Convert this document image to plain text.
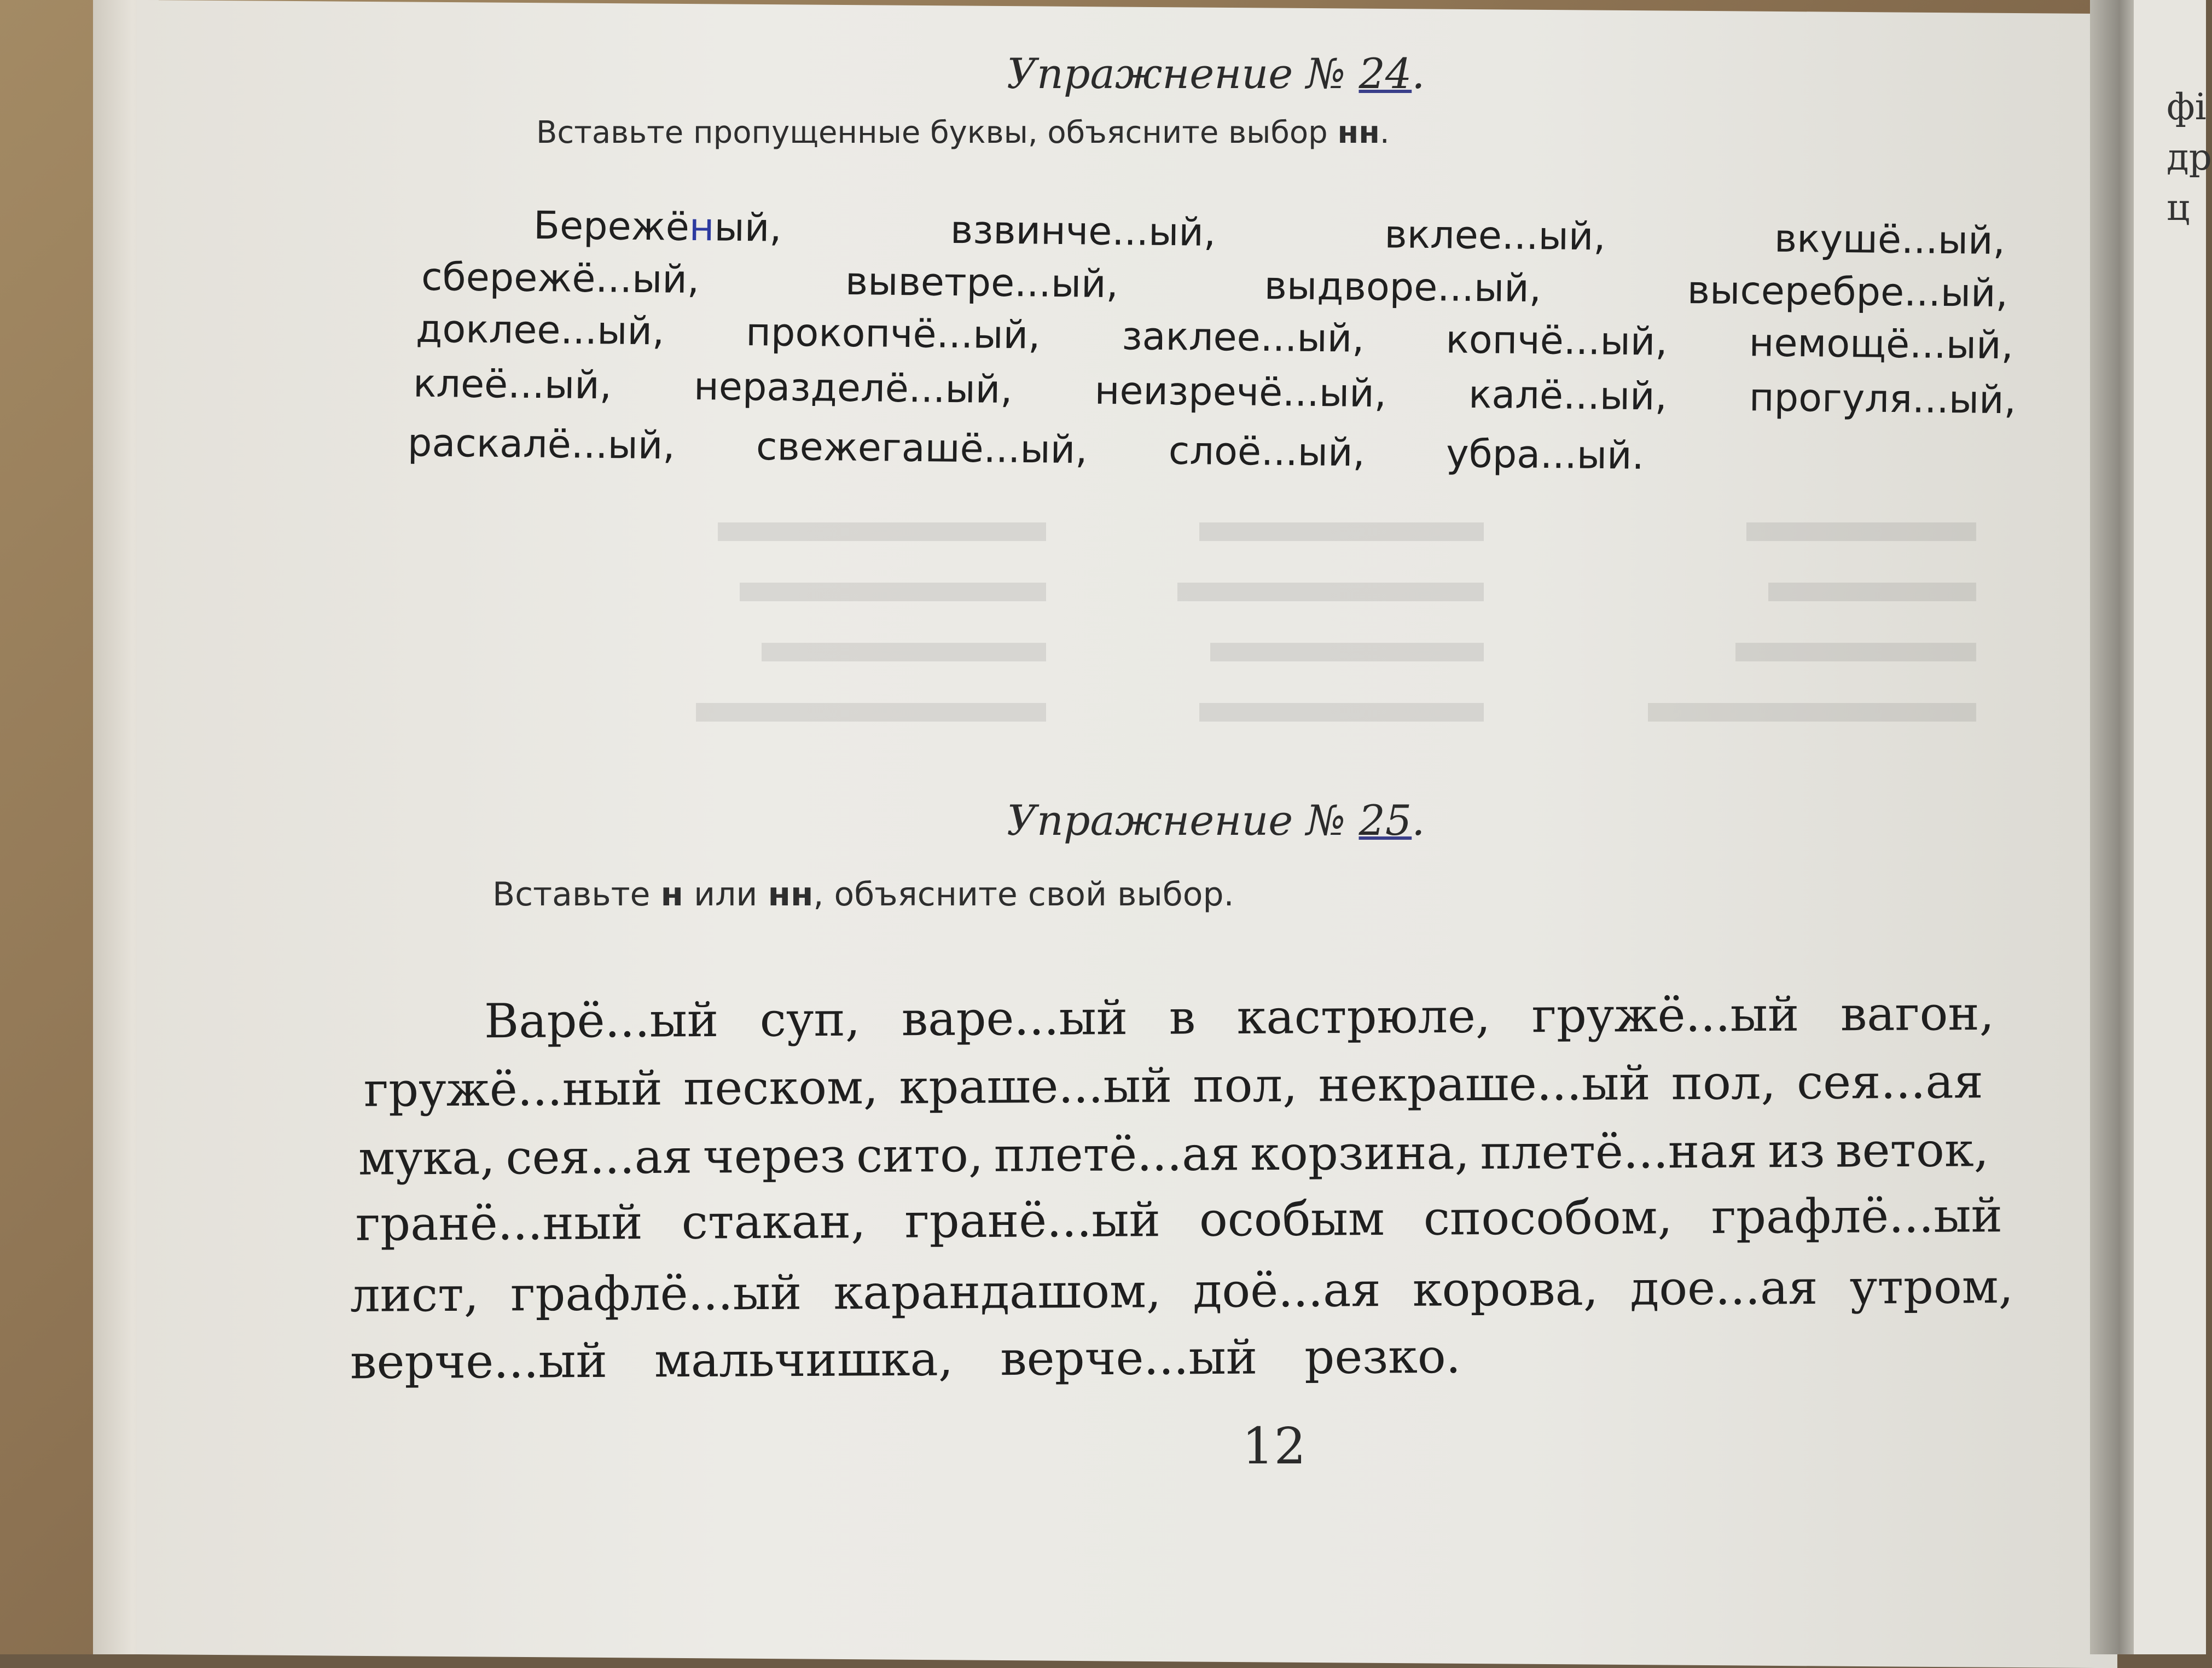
фі
др
ц
Упражнение № 24.
Вставьте пропущенные буквы, объясните выбор нн.
Бережёный,	взвинче...ый,	вклее...ый,	вкушё...ый,
сбережё...ый,	выветре...ый,	выдворе...ый,	высеребре...ый,
доклее...ый, прокопчё...ый, заклее...ый, копчё...ый, немощё...ый,
клеё...ый, неразделё...ый, неизречё...ый, калё...ый, прогуля...ый,
раскалё...ый, свежегашё...ый, слоё...ый, убра...ый.

Упражнение № 25.
Вставьте н или нн, объясните свой выбор.
Варё...ый суп, варе...ый в кастрюле, гружё...ый вагон,
гружё...ный песком, краше...ый пол, некраше...ый пол, сея...ая
мука, сея...ая через сито, плетё...ая корзина, плетё...ная из веток,
гранё...ный стакан, гранё...ый особым способом, графлё...ый
лист, графлё...ый карандашом, доё...ая корова, дое...ая утром,
верче...ый мальчишка, верче...ый резко.
12
